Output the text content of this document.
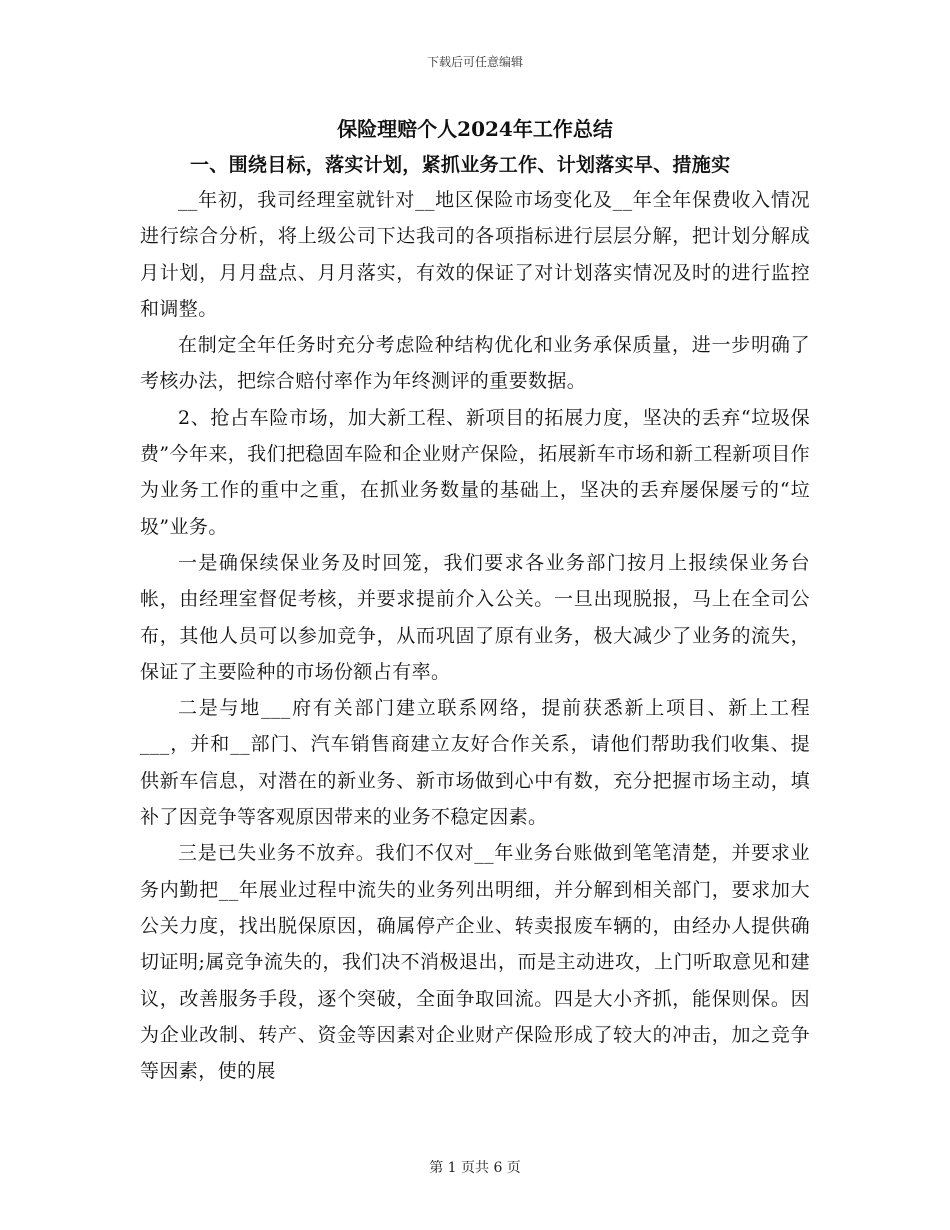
下载后可任意编辑
保险理赔个人2024年工作总结
一、围绕目标，落实计划，紧抓业务工作、计划落实早、措施实

__年初，我司经理室就针对__地区保险市场变化及__年全年保费收入情况进行综合分析，将上级公司下达我司的各项指标进行层层分解，把计划分解成月计划，月月盘点、月月落实，有效的保证了对计划落实情况及时的进行监控和调整。

在制定全年任务时充分考虑险种结构优化和业务承保质量，进一步明确了考核办法，把综合赔付率作为年终测评的重要数据。

2、抢占车险市场，加大新工程、新项目的拓展力度，坚决的丢弃“垃圾保费”今年来，我们把稳固车险和企业财产保险，拓展新车市场和新工程新项目作为业务工作的重中之重，在抓业务数量的基础上，坚决的丢弃屡保屡亏的“垃圾”业务。

一是确保续保业务及时回笼，我们要求各业务部门按月上报续保业务台帐，由经理室督促考核，并要求提前介入公关。一旦出现脱报，马上在全司公布，其他人员可以参加竞争，从而巩固了原有业务，极大减少了业务的流失，保证了主要险种的市场份额占有率。

二是与地___府有关部门建立联系网络，提前获悉新上项目、新上工程___，并和__部门、汽车销售商建立友好合作关系，请他们帮助我们收集、提供新车信息，对潜在的新业务、新市场做到心中有数，充分把握市场主动，填补了因竞争等客观原因带来的业务不稳定因素。

三是已失业务不放弃。我们不仅对__年业务台账做到笔笔清楚，并要求业务内勤把__年展业过程中流失的业务列出明细，并分解到相关部门，要求加大公关力度，找出脱保原因，确属停产企业、转卖报废车辆的，由经办人提供确切证明;属竞争流失的，我们决不消极退出，而是主动进攻，上门听取意见和建议，改善服务手段，逐个突破，全面争取回流。四是大小齐抓，能保则保。因为企业改制、转产、资金等因素对企业财产保险形成了较大的冲击，加之竞争等因素，使的展

第 1 页共 6 页
